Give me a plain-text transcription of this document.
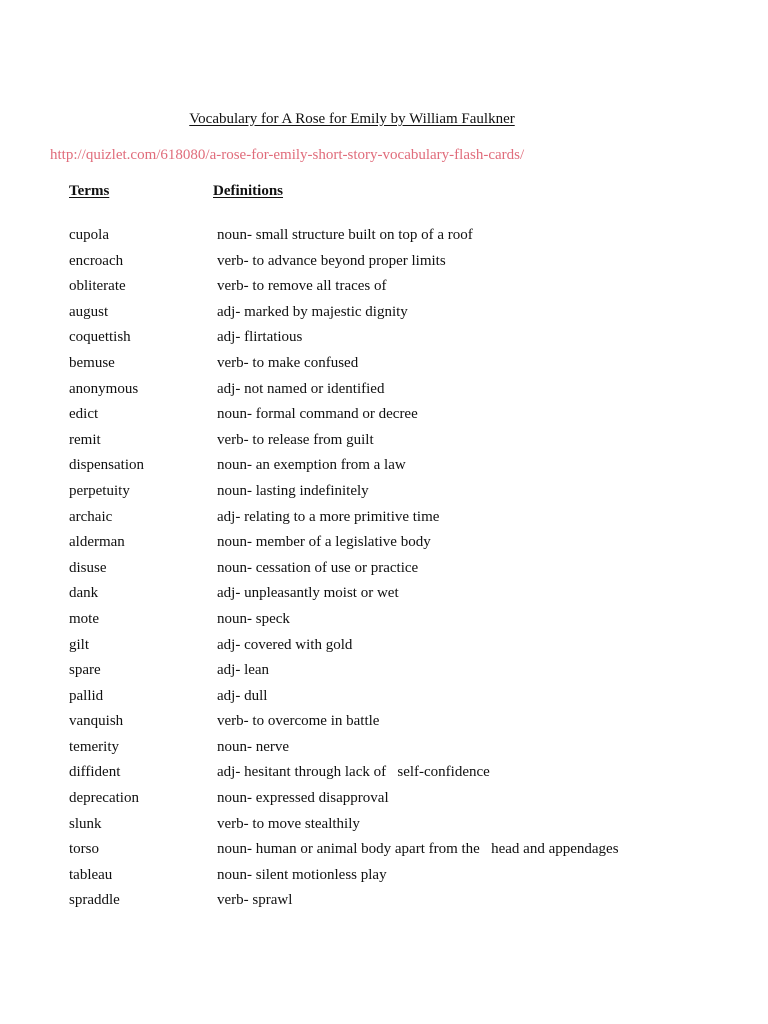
Vocabulary for A Rose for Emily by William Faulkner
http://quizlet.com/618080/a-rose-for-emily-short-story-vocabulary-flash-cards/
Terms	Definitions
cupola	noun- small structure built on top of a roof
encroach	verb- to advance beyond proper limits
obliterate	verb- to remove all traces of
august	adj- marked by majestic dignity
coquettish	adj- flirtatious
bemuse	verb- to make confused
anonymous	adj- not named or identified
edict	noun- formal command or decree
remit	verb- to release from guilt
dispensation	noun- an exemption from a law
perpetuity	noun- lasting indefinitely
archaic	adj- relating to a more primitive time
alderman	noun- member of a legislative body
disuse	noun- cessation of use or practice
dank	adj- unpleasantly moist or wet
mote	noun- speck
gilt	adj- covered with gold
spare	adj- lean
pallid	adj- dull
vanquish	verb- to overcome in battle
temerity	noun- nerve
diffident	adj- hesitant through lack of   self-confidence
deprecation	noun- expressed disapproval
slunk	verb- to move stealthily
torso	noun- human or animal body apart from the   head and appendages
tableau	noun- silent motionless play
spraddle	verb- sprawl
